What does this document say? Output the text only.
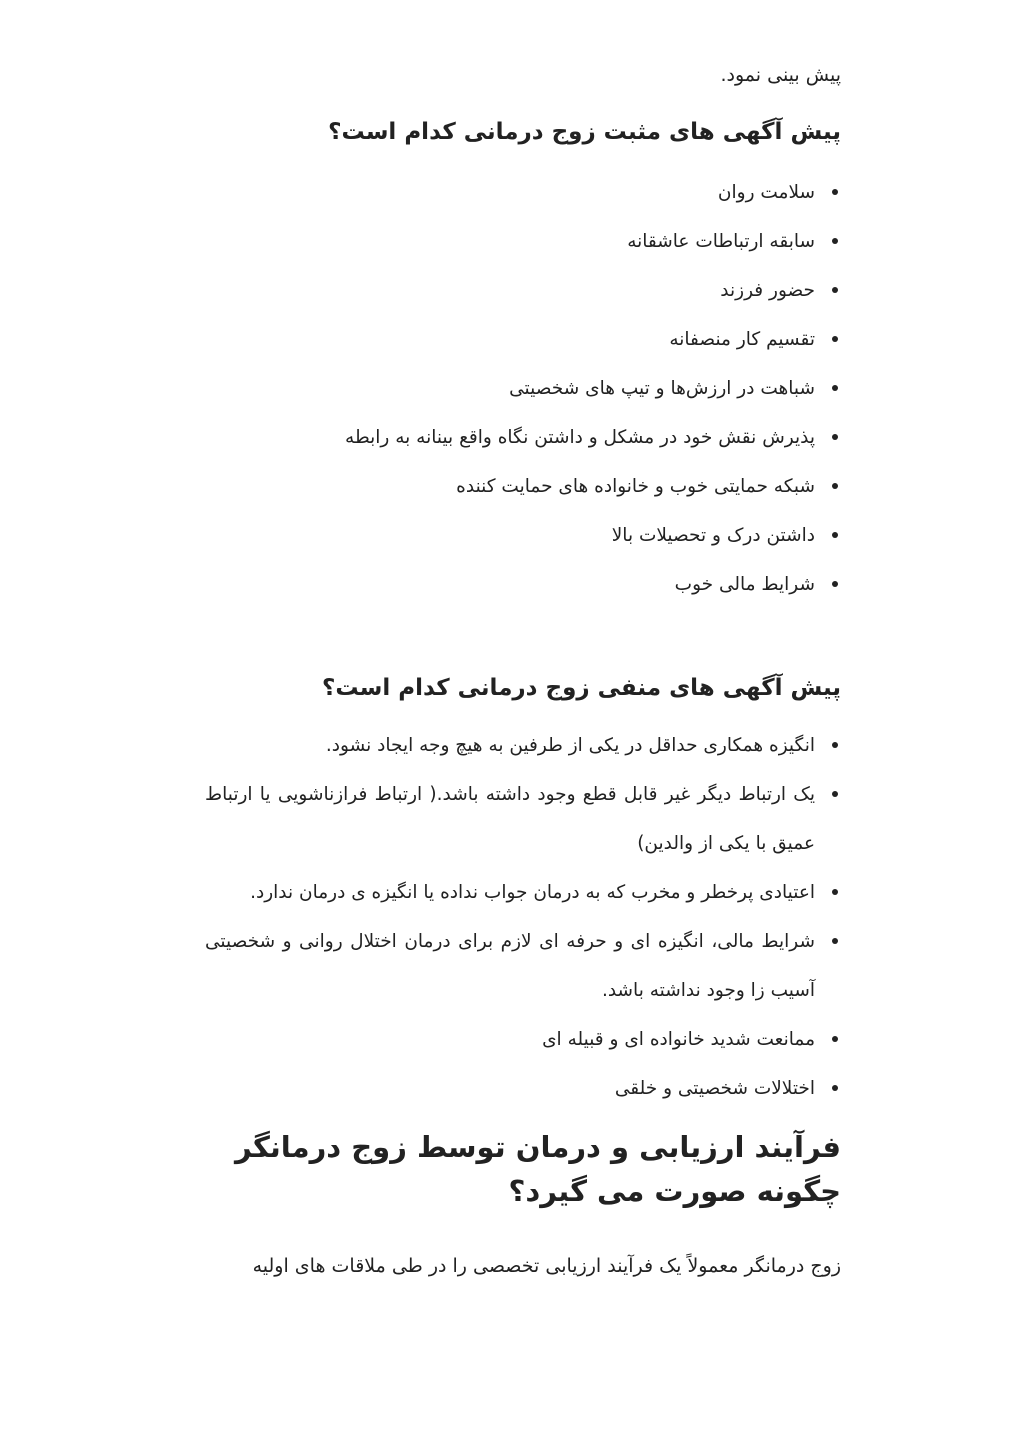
پیش بینی نمود.

پیش آگهی های مثبت زوج درمانی کدام است؟
سلامت روان
سابقه ارتباطات عاشقانه
حضور فرزند
تقسیم کار منصفانه
شباهت در ارزش‌ها و تیپ های شخصیتی
پذیرش نقش خود در مشکل و داشتن نگاه واقع بینانه به رابطه
شبکه حمایتی خوب و خانواده های حمایت کننده
داشتن درک و تحصیلات بالا
شرایط مالی خوب
پیش آگهی های منفی زوج درمانی کدام است؟
انگیزه همکاری حداقل در یکی از طرفین به هیچ وجه ایجاد نشود.
یک ارتباط دیگر غیر قابل قطع وجود داشته باشد.( ارتباط فرازناشویی یا ارتباط عمیق با یکی از والدین)
اعتیادی پرخطر و مخرب که به درمان جواب نداده یا انگیزه ی درمان ندارد.
شرایط مالی، انگیزه ای و حرفه ای لازم برای درمان اختلال روانی و شخصیتی آسیب زا وجود نداشته باشد.
ممانعت شدید خانواده ای و قبیله ای
اختلالات شخصیتی و خلقی
فرآیند ارزیابی و درمان توسط زوج درمانگر چگونه صورت می گیرد؟

زوج درمانگر معمولاً یک فرآیند ارزیابی تخصصی را در طی ملاقات های اولیه
